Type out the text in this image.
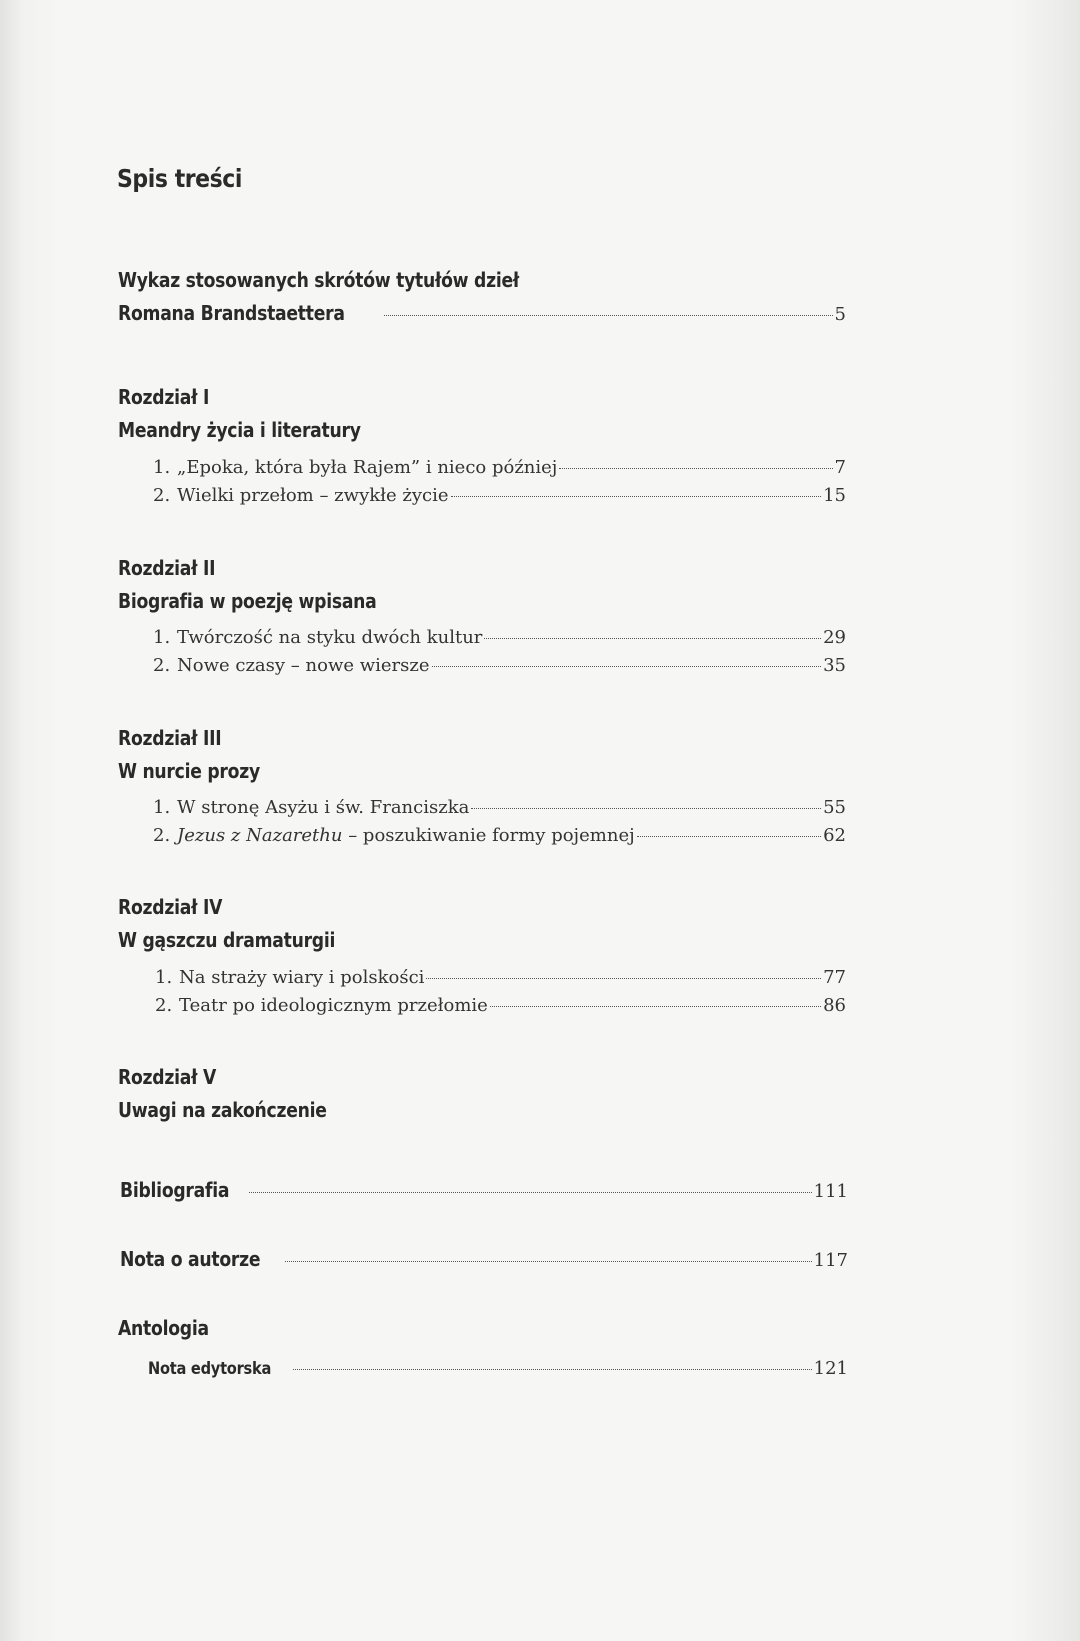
Spis treści
Wykaz stosowanych skrótów tytułów dzieł
Romana Brandstaettera	5
Rozdział I
Meandry życia i literatury
1. „Epoka, która była Rajem” i nieco później	7
2. Wielki przełom – zwykłe życie	15
Rozdział II
Biografia w poezję wpisana
1. Twórczość na styku dwóch kultur	29
2. Nowe czasy – nowe wiersze	35
Rozdział III
W nurcie prozy
1. W stronę Asyżu i św. Franciszka	55
2. Jezus z Nazarethu – poszukiwanie formy pojemnej	62
Rozdział IV
W gąszczu dramaturgii
1. Na straży wiary i polskości	77
2. Teatr po ideologicznym przełomie	86
Rozdział V
Uwagi na zakończenie
Bibliografia	111
Nota o autorze	117
Antologia
Nota edytorska	121
